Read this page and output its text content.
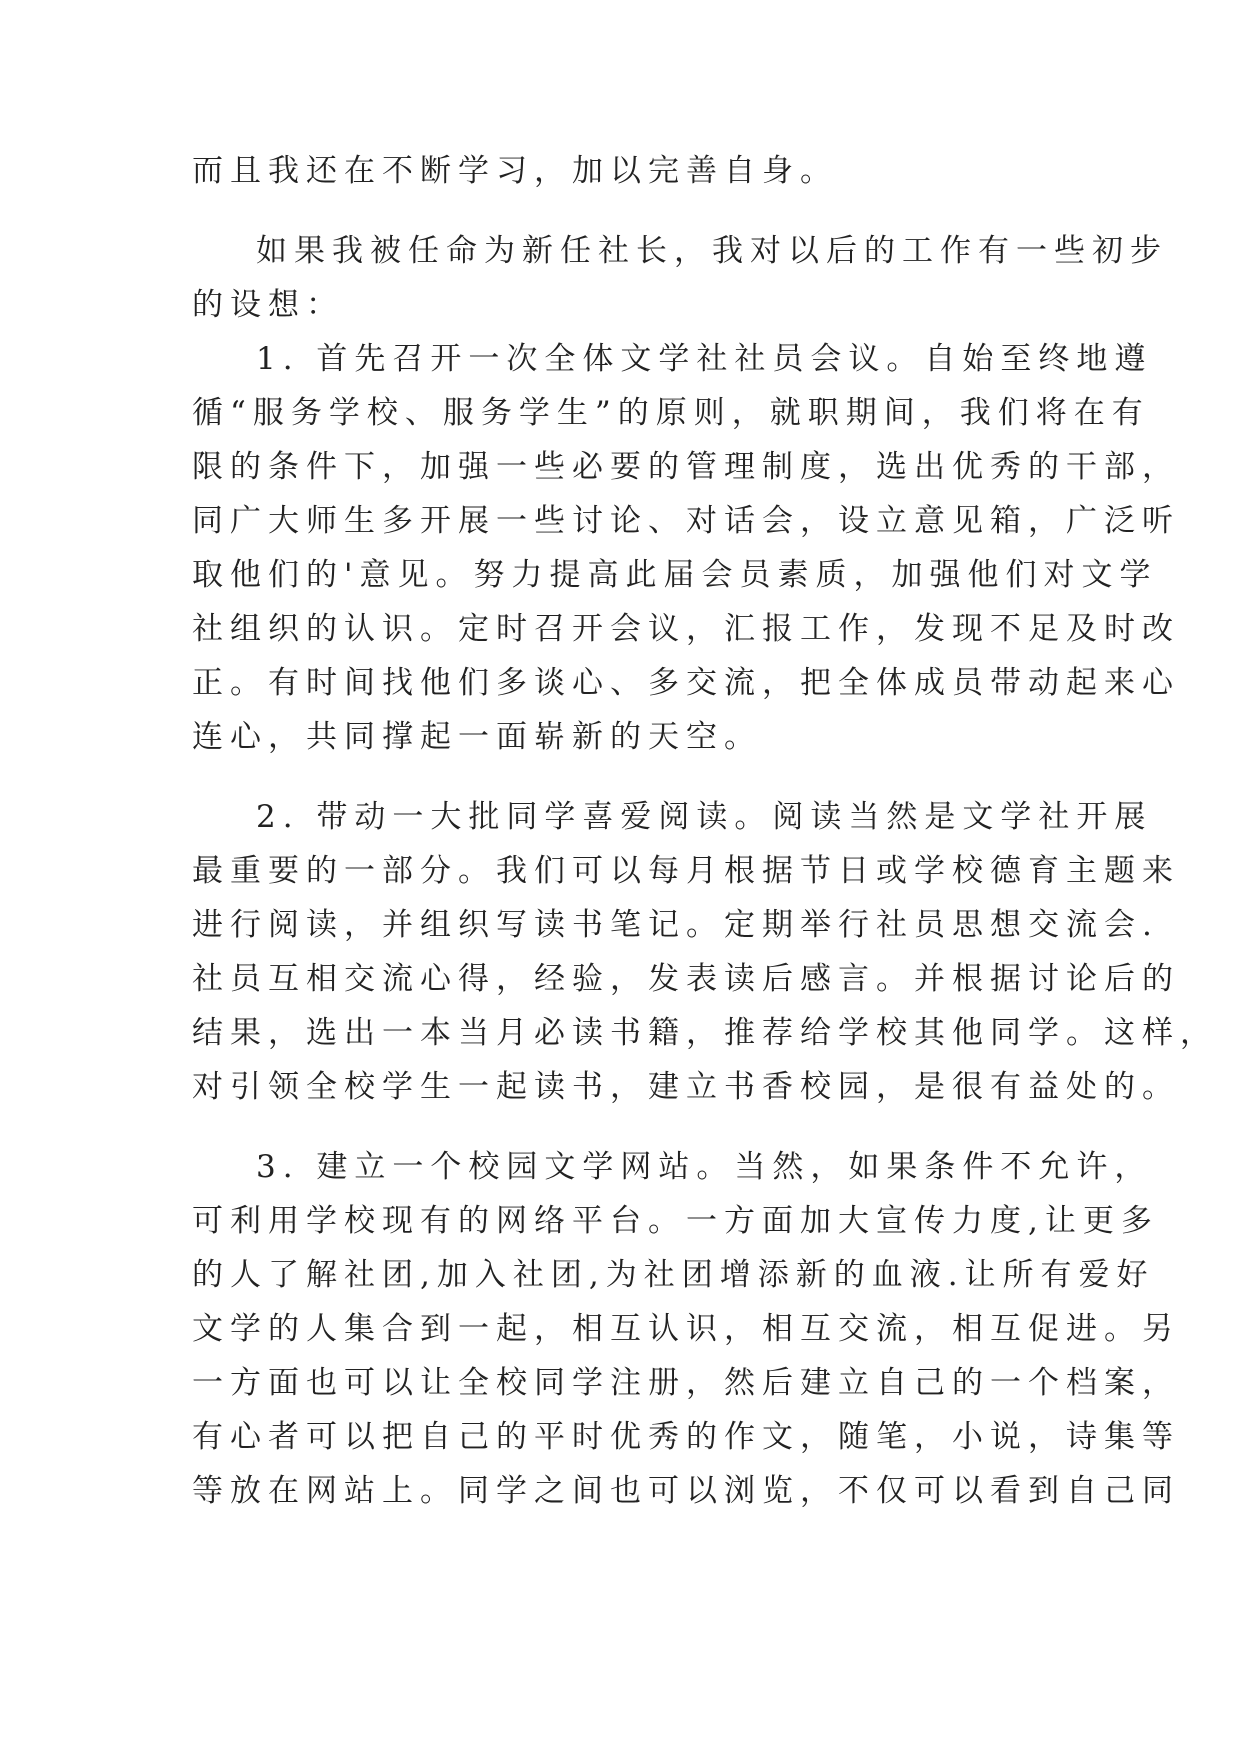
而且我还在不断学习，加以完善自身。

如果我被任命为新任社长，我对以后的工作有一些初步

的设想：

1. 首先召开一次全体文学社社员会议。自始至终地遵

循“服务学校、服务学生”的原则，就职期间，我们将在有

限的条件下，加强一些必要的管理制度，选出优秀的干部，

同广大师生多开展一些讨论、对话会，设立意见箱，广泛听

取他们的'意见。努力提高此届会员素质，加强他们对文学

社组织的认识。定时召开会议，汇报工作，发现不足及时改

正。有时间找他们多谈心、多交流，把全体成员带动起来心

连心，共同撑起一面崭新的天空。

2. 带动一大批同学喜爱阅读。阅读当然是文学社开展

最重要的一部分。我们可以每月根据节日或学校德育主题来

进行阅读，并组织写读书笔记。定期举行社员思想交流会.

社员互相交流心得，经验，发表读后感言。并根据讨论后的

结果，选出一本当月必读书籍，推荐给学校其他同学。这样，

对引领全校学生一起读书，建立书香校园，是很有益处的。

3. 建立一个校园文学网站。当然，如果条件不允许，

可利用学校现有的网络平台。一方面加大宣传力度,让更多

的人了解社团,加入社团,为社团增添新的血液.让所有爱好

文学的人集合到一起，相互认识，相互交流，相互促进。另

一方面也可以让全校同学注册，然后建立自己的一个档案，

有心者可以把自己的平时优秀的作文，随笔，小说，诗集等

等放在网站上。同学之间也可以浏览，不仅可以看到自己同
